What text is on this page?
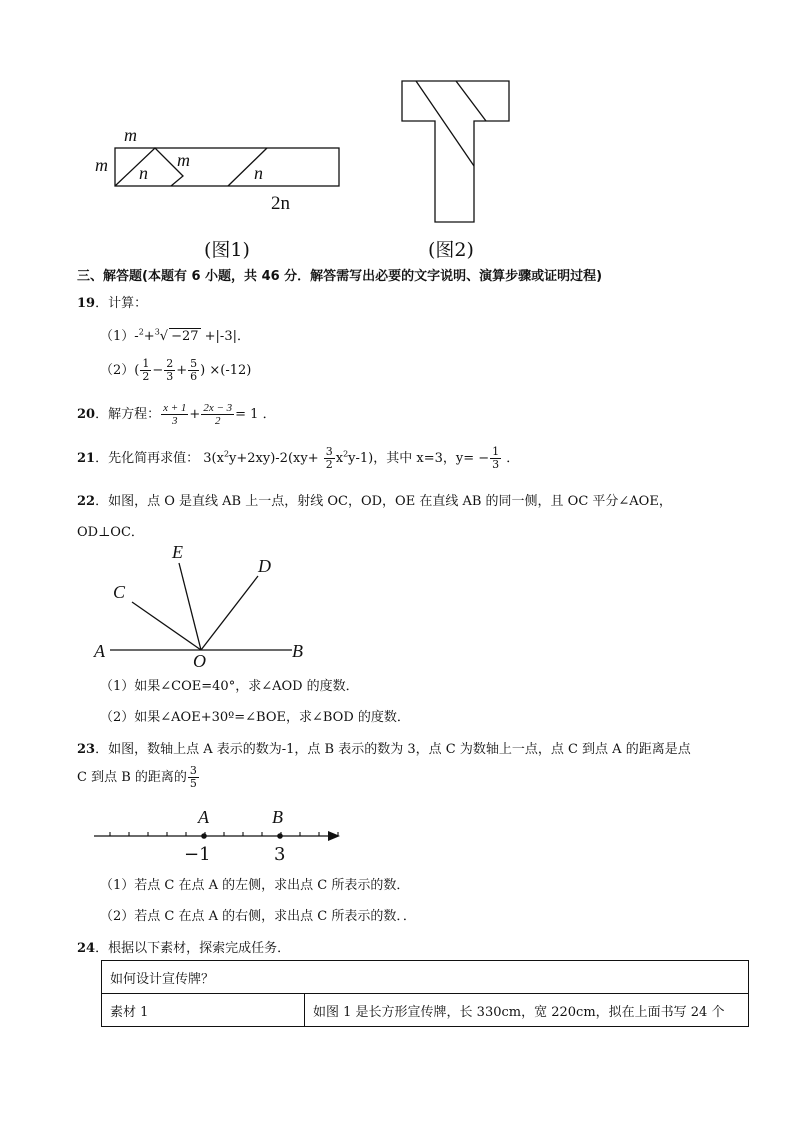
m
m	m
n	n
2n
(图1)	(图2)
三、解答题(本题有 6 小题，共 46 分．解答需写出必要的文字说明、演算步骤或证明过程)
19．计算：
（1）-$^2$+$^3$√ −27 +|-3|．
$(2)( \frac{1}{2} - \frac{2}{3} + \frac{5}{6}$ ) ×(-12)
20．解方程： $\frac{x + 1}{3} + \frac{2x - 3}{2} = 1$ ．
21．先化简再求值： $3(x^2y+2xy)-2(xy+ \frac{3}{2} x^2y-1)$，其中 x=3，$y= - \frac{1}{3}$ ．
22．如图，点 O 是直线 AB 上一点，射线 OC，OD，OE 在直线 AB 的同一侧，且 OC 平分∠AOE，
OD⊥OC．
E
D
C
A	O	B
（1）如果∠COE=40°，求∠AOD 的度数．
（2）如果∠AOE+30º=∠BOE，求∠BOD 的度数．
23．如图，数轴上点 A 表示的数为-1，点 B 表示的数为 3，点 C 为数轴上一点，点 C 到点 A 的距离是点
C 到点 B 的距离的 $\frac{3}{5}$
A	B
−1	3
（1）若点 C 在点 A 的左侧，求出点 C 所表示的数．
（2）若点 C 在点 A 的右侧，求出点 C 所表示的数．．
24．根据以下素材，探索完成任务．
如何设计宣传牌？
素材 1	如图 1 是长方形宣传牌，长 330cm，宽 220cm，拟在上面书写 24 个
